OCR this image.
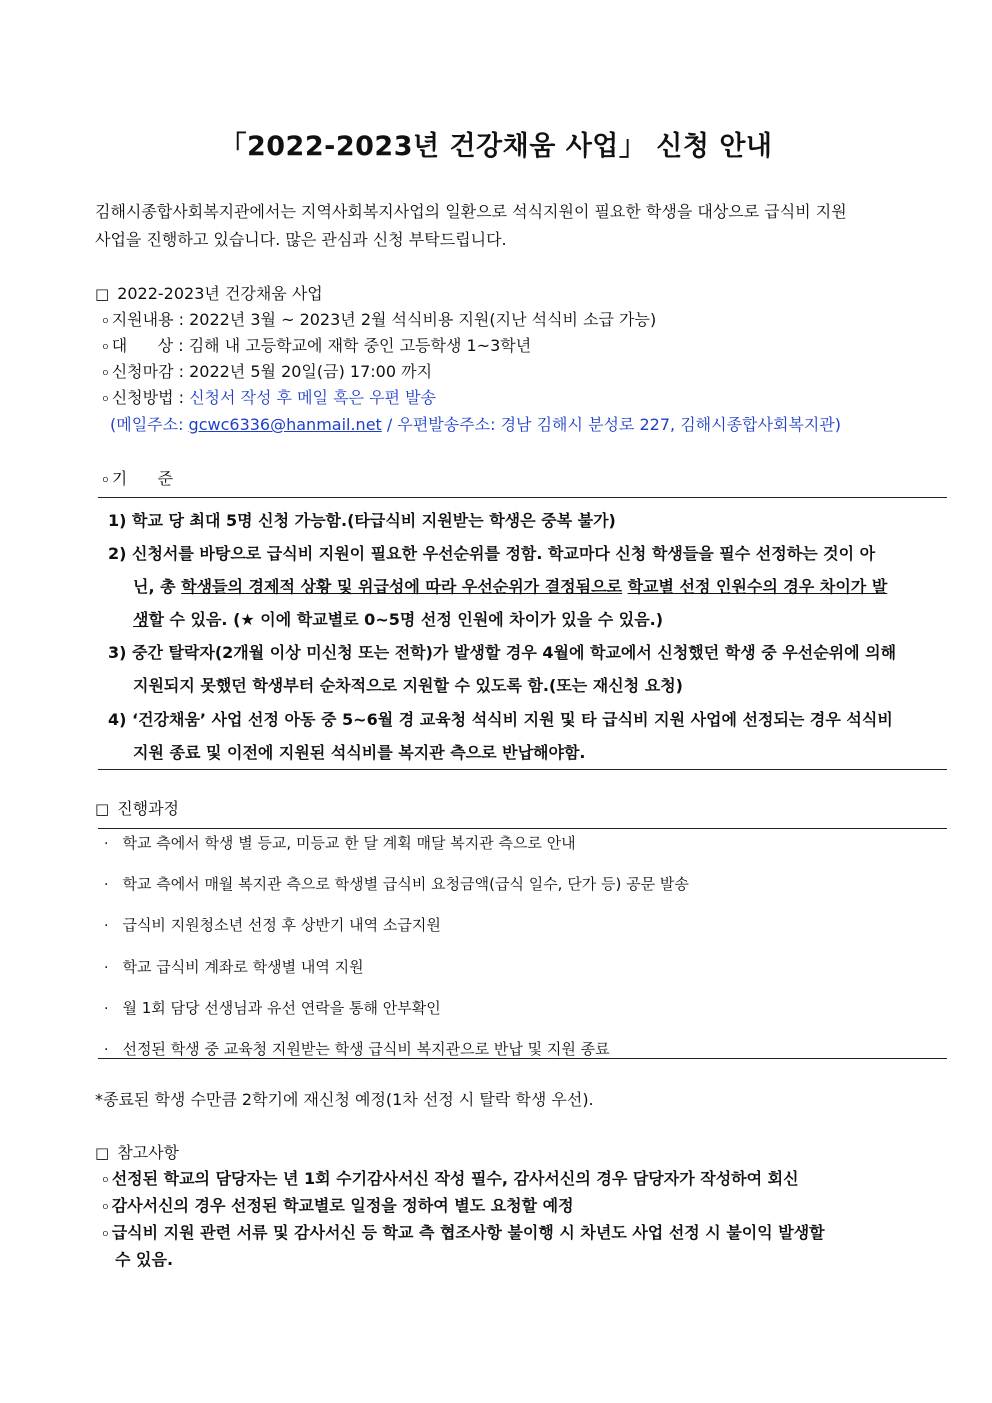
「2022-2023년 건강채움 사업」 신청 안내
김해시종합사회복지관에서는 지역사회복지사업의 일환으로 석식지원이 필요한 학생을 대상으로 급식비 지원
사업을 진행하고 있습니다. 많은 관심과 신청 부탁드립니다.
□ 2022-2023년 건강채움 사업
ㅇ 지원내용 : 2022년 3월 ~ 2023년 2월 석식비용 지원(지난 석식비 소급 가능)
ㅇ 대      상 : 김해 내 고등학교에 재학 중인 고등학생 1~3학년
ㅇ 신청마감 : 2022년 5월 20일(금) 17:00 까지
ㅇ 신청방법 : 신청서 작성 후 메일 혹은 우편 발송
(메일주소: gcwc6336@hanmail.net / 우편발송주소: 경남 김해시 분성로 227, 김해시종합사회복지관)
ㅇ 기      준
1) 학교 당 최대 5명 신청 가능함.(타급식비 지원받는 학생은 중복 불가)
2) 신청서를 바탕으로 급식비 지원이 필요한 우선순위를 정함. 학교마다 신청 학생들을 필수 선정하는 것이 아
닌, 총 학생들의 경제적 상황 및 위급성에 따라 우선순위가 결정됨으로 학교별 선정 인원수의 경우 차이가 발
생할 수 있음. (★ 이에 학교별로 0~5명 선정 인원에 차이가 있을 수 있음.)
3) 중간 탈락자(2개월 이상 미신청 또는 전학)가 발생할 경우 4월에 학교에서 신청했던 학생 중 우선순위에 의해
지원되지 못했던 학생부터 순차적으로 지원할 수 있도록 함.(또는 재신청 요청)
4) ‘건강채움’ 사업 선정 아동 중 5~6월 경 교육청 석식비 지원 및 타 급식비 지원 사업에 선정되는 경우 석식비
지원 종료 및 이전에 지원된 석식비를 복지관 측으로 반납해야함.
□ 진행과정
· 학교 측에서 학생 별 등교, 미등교 한 달 계획 매달 복지관 측으로 안내
· 학교 측에서 매월 복지관 측으로 학생별 급식비 요청금액(급식 일수, 단가 등) 공문 발송
· 급식비 지원청소년 선정 후 상반기 내역 소급지원
· 학교 급식비 계좌로 학생별 내역 지원
· 월 1회 담당 선생님과 유선 연락을 통해 안부확인
· 선정된 학생 중 교육청 지원받는 학생 급식비 복지관으로 반납 및 지원 종료
*종료된 학생 수만큼 2학기에 재신청 예정(1차 선정 시 탈락 학생 우선).
□ 참고사항
ㅇ 선정된 학교의 담당자는 년 1회 수기감사서신 작성 필수, 감사서신의 경우 담당자가 작성하여 회신
ㅇ 감사서신의 경우 선정된 학교별로 일정을 정하여 별도 요청할 예정
ㅇ 급식비 지원 관련 서류 및 감사서신 등 학교 측 협조사항 불이행 시 차년도 사업 선정 시 불이익 발생할
수 있음.
